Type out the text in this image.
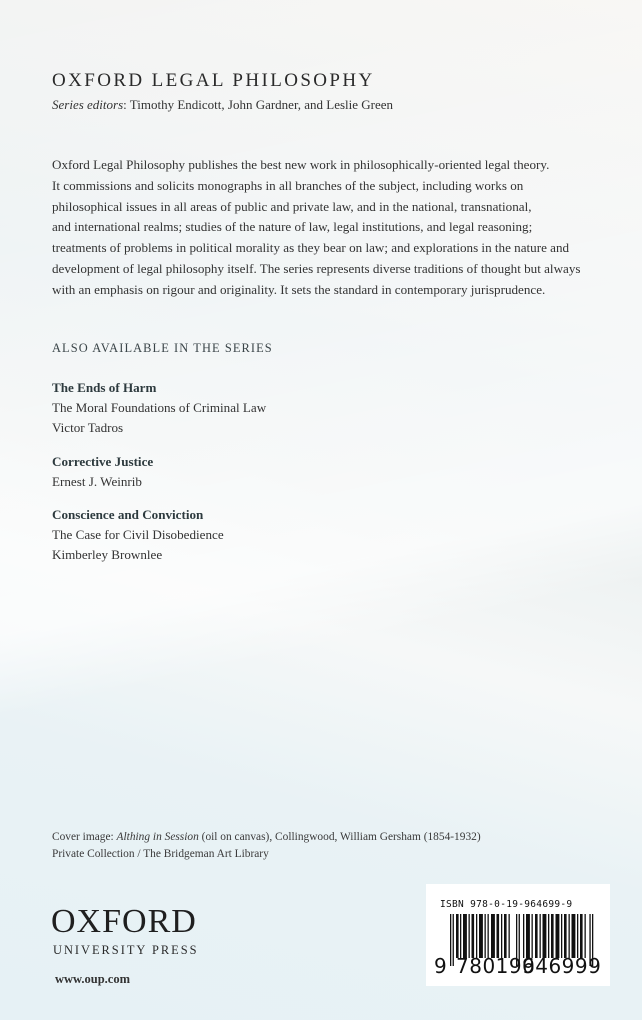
OXFORD LEGAL PHILOSOPHY
Series editors: Timothy Endicott, John Gardner, and Leslie Green

Oxford Legal Philosophy publishes the best new work in philosophically-oriented legal theory.

It commissions and solicits monographs in all branches of the subject, including works on

philosophical issues in all areas of public and private law, and in the national, transnational,

and international realms; studies of the nature of law, legal institutions, and legal reasoning;

treatments of problems in political morality as they bear on law; and explorations in the nature and

development of legal philosophy itself. The series represents diverse traditions of thought but always

with an emphasis on rigour and originality. It sets the standard in contemporary jurisprudence.

ALSO AVAILABLE IN THE SERIES
The Ends of Harm
The Moral Foundations of Criminal Law
Victor Tadros
Corrective Justice
Ernest J. Weinrib
Conscience and Conviction
The Case for Civil Disobedience
Kimberley Brownlee
Cover image: Althing in Session (oil on canvas), Collingwood, William Gersham (1854-1932)
Private Collection / The Bridgeman Art Library
OXFORD
UNIVERSITY PRESS
www.oup.com
ISBN 978-0-19-964699-9
9 780199
646999
